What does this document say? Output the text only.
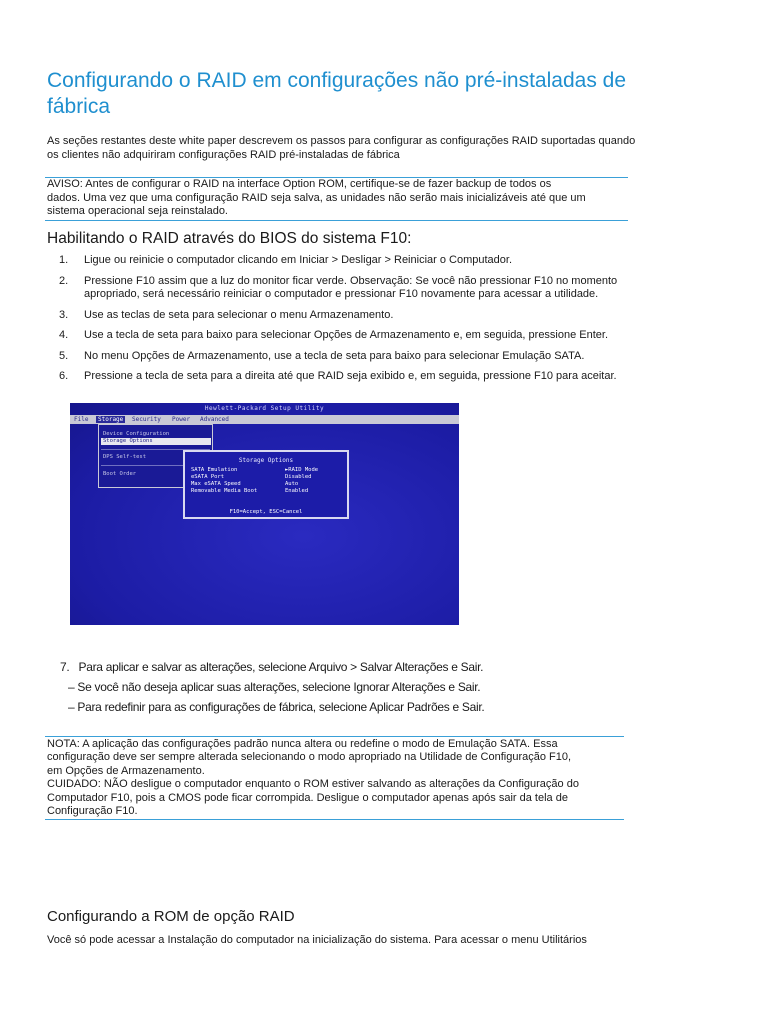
Configurando o RAID em configurações não pré-instaladas de fábrica

As seções restantes deste white paper descrevem os passos para configurar as configurações RAID suportadas quando os clientes não adquiriram configurações RAID pré-instaladas de fábrica

AVISO: Antes de configurar o RAID na interface Option ROM, certifique-se de fazer backup de todos os

dados. Uma vez que uma configuração RAID seja salva, as unidades não serão mais inicializáveis até que um

sistema operacional seja reinstalado.

Habilitando o RAID através do BIOS do sistema F10:
1. Ligue ou reinicie o computador clicando em Iniciar > Desligar > Reiniciar o Computador.
2. Pressione F10 assim que a luz do monitor ficar verde. Observação: Se você não pressionar F10 no momento apropriado, será necessário reiniciar o computador e pressionar F10 novamente para acessar a utilidade.
3. Use as teclas de seta para selecionar o menu Armazenamento.
4. Use a tecla de seta para baixo para selecionar Opções de Armazenamento e, em seguida, pressione Enter.
5. No menu Opções de Armazenamento, use a tecla de seta para baixo para selecionar Emulação SATA.
6. Pressione a tecla de seta para a direita até que RAID seja exibido e, em seguida, pressione F10 para aceitar.
Hewlett-Packard Setup Utility
File	Storage	Security Power Advanced
Device Configuration
Storage Options
DPS Self-test
Boot Order
Storage Options
SATA Emulation	►RAID Mode
eSATA Port	Disabled
Max eSATA Speed	Auto
Removable Media Boot	Enabled
F10=Accept, ESC=Cancel

7. Para aplicar e salvar as alterações, selecione Arquivo > Salvar Alterações e Sair.

– Se você não deseja aplicar suas alterações, selecione Ignorar Alterações e Sair.

– Para redefinir para as configurações de fábrica, selecione Aplicar Padrões e Sair.

NOTA: A aplicação das configurações padrão nunca altera ou redefine o modo de Emulação SATA. Essa

configuração deve ser sempre alterada selecionando o modo apropriado na Utilidade de Configuração F10,

em Opções de Armazenamento.

CUIDADO: NÃO desligue o computador enquanto o ROM estiver salvando as alterações da Configuração do

Computador F10, pois a CMOS pode ficar corrompida. Desligue o computador apenas após sair da tela de

Configuração F10.

Configurando a ROM de opção RAID

Você só pode acessar a Instalação do computador na inicialização do sistema. Para acessar o menu Utilitários
